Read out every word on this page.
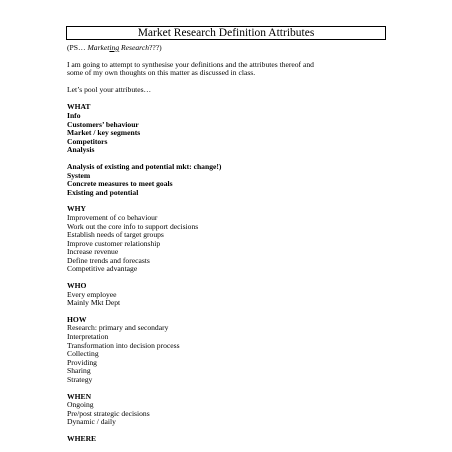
Market Research Definition Attributes

(PS… Marketing Research???)

I am going to attempt to synthesise your definitions and the attributes thereof and

some of my own thoughts on this matter as discussed in class.

Let’s pool your attributes…

WHAT

Info

Customers’ behaviour

Market / key segments

Competitors

Analysis

Analysis of existing and potential mkt: change!)

System

Concrete measures to meet goals

Existing and potential

WHY

Improvement of co behaviour

Work out the core info to support decisions

Establish needs of target groups

Improve customer relationship

Increase revenue

Define trends and forecasts

Competitive advantage

WHO

Every employee

Mainly Mkt Dept

HOW

Research: primary and secondary

Interpretation

Transformation into decision process

Collecting

Providing

Sharing

Strategy

WHEN

Ongoing

Pre/post strategic decisions

Dynamic / daily

WHERE
